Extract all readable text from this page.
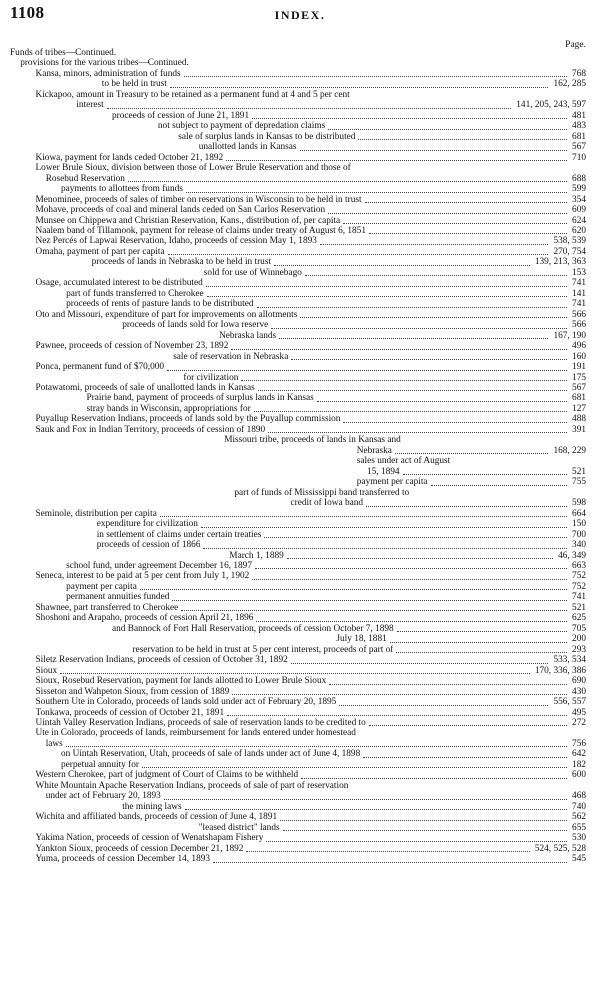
1108	INDEX.
Page.
Funds of tribes—Continued.
provisions for the various tribes—Continued.
Kansa, minors, administration of funds	768
to be held in trust	162, 285
Kickapoo, amount in Treasury to be retained as a permanent fund at 4 and 5 per cent
interest	141, 205, 243, 597
proceeds of cession of June 21, 1891	481
not subject to payment of depredation claims	483
sale of surplus lands in Kansas to be distributed	681
unallotted lands in Kansas	567
Kiowa, payment for lands ceded October 21, 1892	710
Lower Brule Sioux, division between those of Lower Brule Reservation and those of
Rosebud Reservation	688
payments to allottees from funds	599
Menominee, proceeds of sales of timber on reservations in Wisconsin to be held in trust	354
Mohave, proceeds of coal and mineral lands ceded on San Carlos Reservation	609
Munsee on Chippewa and Christian Reservation, Kans., distribution of, per capita	624
Naalem band of Tillamook, payment for release of claims under treaty of August 6, 1851	620
Nez Percés of Lapwai Reservation, Idaho, proceeds of cession May 1, 1893	538, 539
Omaha, payment of part per capita	270, 754
proceeds of lands in Nebraska to be held in trust	139, 213, 363
sold for use of Winnebago	153
Osage, accumulated interest to be distributed	741
part of funds transferred to Cherokee	141
proceeds of rents of pasture lands to be distributed	741
Oto and Missouri, expenditure of part for improvements on allotments	566
proceeds of lands sold for Iowa reserve	566
Nebraska lands	167, 190
Pawnee, proceeds of cession of November 23, 1892	496
sale of reservation in Nebraska	160
Ponca, permanent fund of $70,000	191
for civilization	175
Potawatomi, proceeds of sale of unallotted lands in Kansas	567
Prairie band, payment of proceeds of surplus lands in Kansas	681
stray bands in Wisconsin, appropriations for	127
Puyallup Reservation Indians, proceeds of lands sold by the Puyallup commission	488
Sauk and Fox in Indian Territory, proceeds of cession of 1890	391
Missouri tribe, proceeds of lands in Kansas and
Nebraska	168, 229
sales under act of August
15, 1894	521
payment per capita	755
part of funds of Mississippi band transferred to
credit of Iowa band	598
Seminole, distribution per capita	664
expenditure for civilization	150
in settlement of claims under certain treaties	700
proceeds of cession of 1866	340
March 1, 1889	46, 349
school fund, under agreement December 16, 1897	663
Seneca, interest to be paid at 5 per cent from July 1, 1902	752
payment per capita	752
permanent annuities funded	741
Shawnee, part transferred to Cherokee	521
Shoshoni and Arapaho, proceeds of cession April 21, 1896	625
and Bannock of Fort Hall Reservation, proceeds of cession October 7, 1898	705
July 18, 1881	200
reservation to be held in trust at 5 per cent interest, proceeds of part of	293
Siletz Reservation Indians, proceeds of cession of October 31, 1892	533, 534
Sioux	170, 336, 386
Sioux, Rosebud Reservation, payment for lands allotted to Lower Brule Sioux	690
Sisseton and Wahpeton Sioux, from cession of 1889	430
Southern Ute in Colorado, proceeds of lands sold under act of February 20, 1895	556, 557
Tonkawa, proceeds of cession of October 21, 1891	495
Uintah Valley Reservation Indians, proceeds of sale of reservation lands to be credited to	272
Ute in Colorado, proceeds of lands, reimbursement for lands entered under homestead
laws	756
on Uintah Reservation, Utah, proceeds of sale of lands under act of June 4, 1898	642
perpetual annuity for	182
Western Cherokee, part of judgment of Court of Claims to be withheld	600
White Mountain Apache Reservation Indians, proceeds of sale of part of reservation
under act of February 20, 1893	468
the mining laws	740
Wichita and affiliated bands, proceeds of cession of June 4, 1891	562
"leased district" lands	655
Yakima Nation, proceeds of cession of Wenatshapam Fishery	530
Yankton Sioux, proceeds of cession December 21, 1892	524, 525, 528
Yuma, proceeds of cession December 14, 1893	545
